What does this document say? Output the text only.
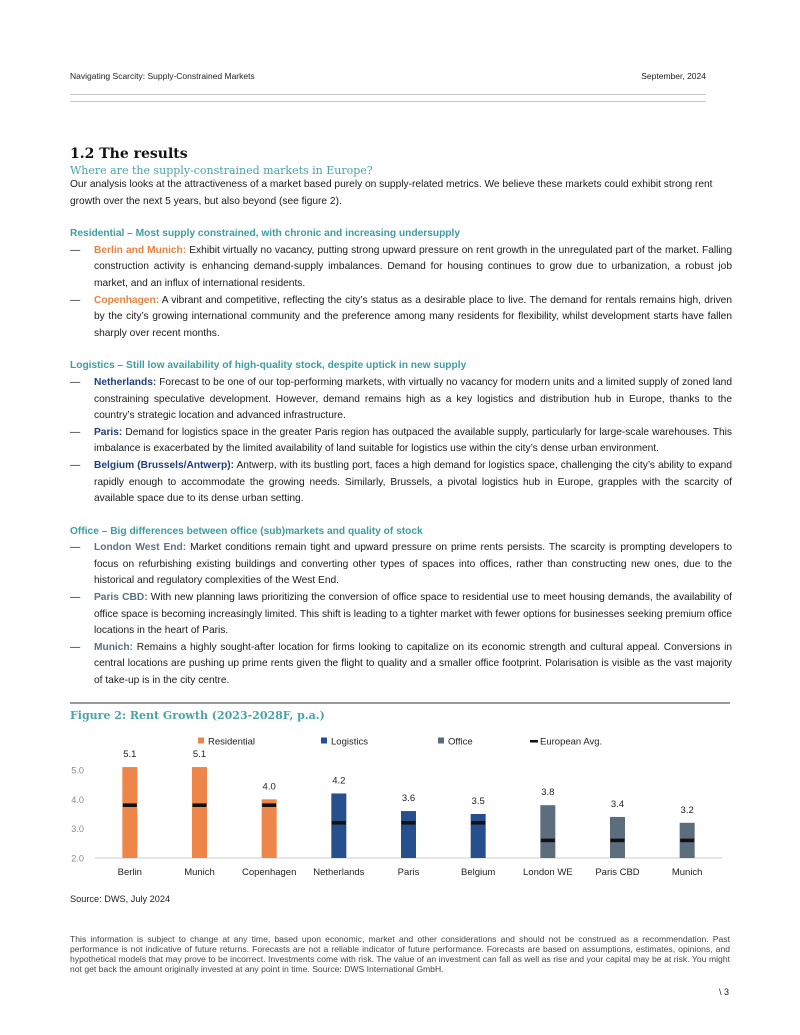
Navigating Scarcity: Supply-Constrained Markets	September, 2024
1.2 The results
Where are the supply-constrained markets in Europe?

Our analysis looks at the attractiveness of a market based purely on supply-related metrics. We believe these markets could exhibit strong rent growth over the next 5 years, but also beyond (see figure 2).

Residential – Most supply constrained, with chronic and increasing undersupply

— Berlin and Munich: Exhibit virtually no vacancy, putting strong upward pressure on rent growth in the unregulated part of the market. Falling construction activity is enhancing demand-supply imbalances. Demand for housing continues to grow due to urbanization, a robust job market, and an influx of international residents.

— Copenhagen: A vibrant and competitive, reflecting the city’s status as a desirable place to live. The demand for rentals remains high, driven by the city’s growing international community and the preference among many residents for flexibility, whilst development starts have fallen sharply over recent months.

Logistics – Still low availability of high-quality stock, despite uptick in new supply

— Netherlands: Forecast to be one of our top-performing markets, with virtually no vacancy for modern units and a limited supply of zoned land constraining speculative development. However, demand remains high as a key logistics and distribution hub in Europe, thanks to the country’s strategic location and advanced infrastructure.

— Paris: Demand for logistics space in the greater Paris region has outpaced the available supply, particularly for large-scale warehouses. This imbalance is exacerbated by the limited availability of land suitable for logistics use within the city’s dense urban environment.

— Belgium (Brussels/Antwerp): Antwerp, with its bustling port, faces a high demand for logistics space, challenging the city’s ability to expand rapidly enough to accommodate the growing needs. Similarly, Brussels, a pivotal logistics hub in Europe, grapples with the scarcity of available space due to its dense urban setting.

Office – Big differences between office (sub)markets and quality of stock

— London West End: Market conditions remain tight and upward pressure on prime rents persists. The scarcity is prompting developers to focus on refurbishing existing buildings and converting other types of spaces into offices, rather than constructing new ones, due to the historical and regulatory complexities of the West End.

— Paris CBD: With new planning laws prioritizing the conversion of office space to residential use to meet housing demands, the availability of office space is becoming increasingly limited. This shift is leading to a tighter market with fewer options for businesses seeking premium office locations in the heart of Paris.

— Munich: Remains a highly sought-after location for firms looking to capitalize on its economic strength and cultural appeal. Conversions in central locations are pushing up prime rents given the flight to quality and a smaller office footprint. Polarisation is visible as the vast majority of take-up is in the city centre.

Figure 2: Rent Growth (2023-2028F, p.a.)
Residential	Logistics	Office	European Avg.
2.0
3.0
4.0
5.0
5.1
Berlin
5.1
Munich
4.0
Copenhagen
4.2
Netherlands
3.6
Paris
3.5
Belgium
3.8
London WE
3.4
Paris CBD
3.2
Munich
Source: DWS, July 2024
This information is subject to change at any time, based upon economic, market and other considerations and should not be construed as a recommendation. Past performance is not indicative of future returns. Forecasts are not a reliable indicator of future performance. Forecasts are based on assumptions, estimates, opinions, and hypothetical models that may prove to be incorrect. Investments come with risk. The value of an investment can fall as well as rise and your capital may be at risk. You might not get back the amount originally invested at any point in time. Source: DWS International GmbH.
\ 3
